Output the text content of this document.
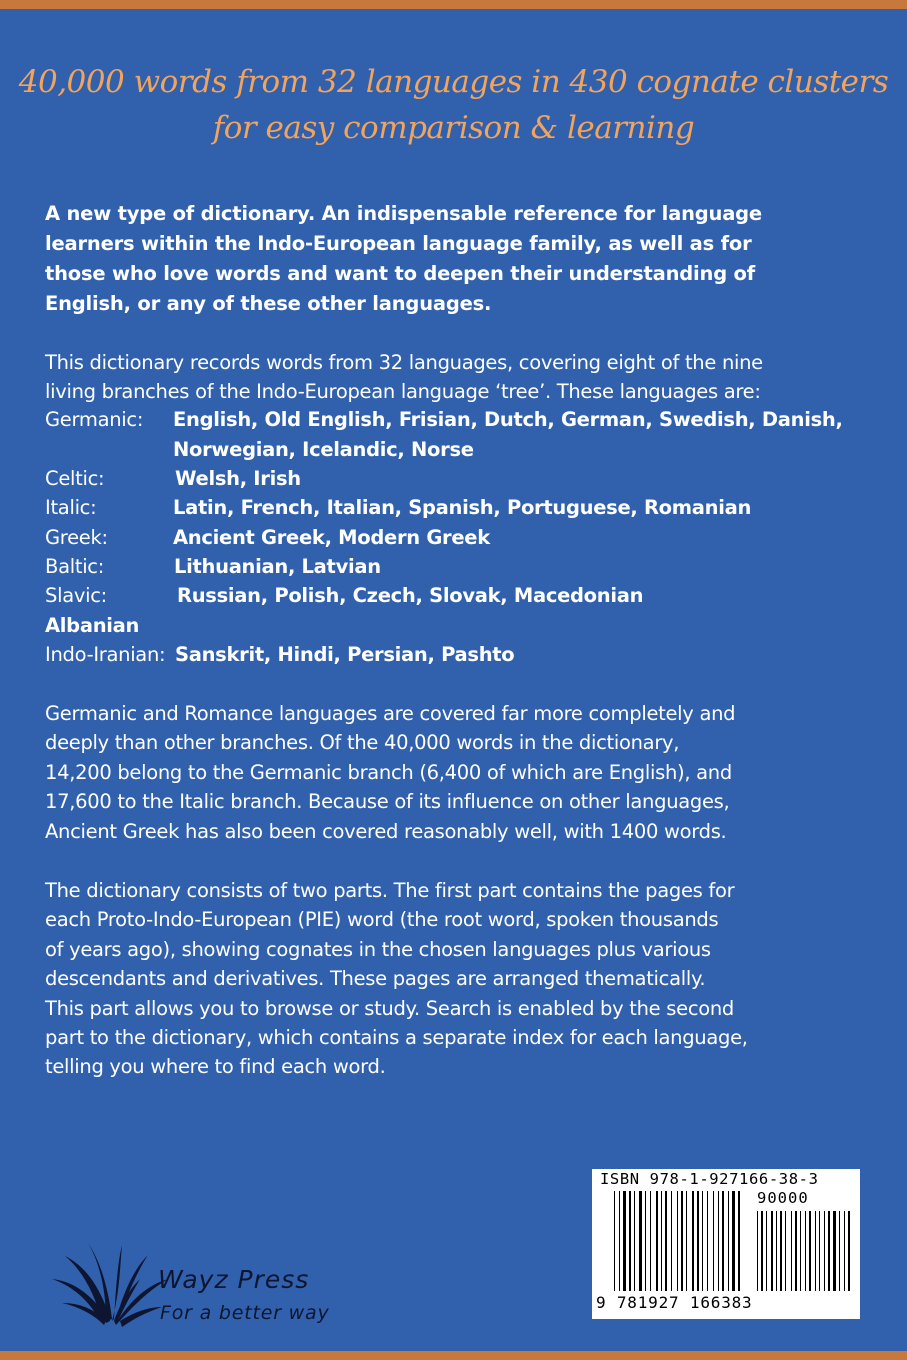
40,000 words from 32 languages in 430 cognate clusters
for easy comparison & learning
A new type of dictionary. An indispensable reference for language learners within the Indo-European language family, as well as for those who love words and want to deepen their understanding of English, or any of these other languages.
This dictionary records words from 32 languages, covering eight of the nine
living branches of the Indo-European language ‘tree’. These languages are:
Germanic: English, Old English, Frisian, Dutch, German, Swedish, Danish,
Norwegian, Icelandic, Norse
Celtic:	Welsh, Irish
Italic:	Latin, French, Italian, Spanish, Portuguese, Romanian
Greek:	Ancient Greek, Modern Greek
Baltic:	Lithuanian, Latvian
Slavic:	Russian, Polish, Czech, Slovak, Macedonian
Albanian
Indo-Iranian: Sanskrit, Hindi, Persian, Pashto
Germanic and Romance languages are covered far more completely and
deeply than other branches. Of the 40,000 words in the dictionary,
14,200 belong to the Germanic branch (6,400 of which are English), and
17,600 to the Italic branch. Because of its influence on other languages,
Ancient Greek has also been covered reasonably well, with 1400 words.
The dictionary consists of two parts. The first part contains the pages for
each Proto-Indo-European (PIE) word (the root word, spoken thousands
of years ago), showing cognates in the chosen languages plus various
descendants and derivatives. These pages are arranged thematically.
This part allows you to browse or study. Search is enabled by the second
part to the dictionary, which contains a separate index for each language,
telling you where to find each word.
Wayz Press
For a better way
ISBN 978-1-927166-38-3
90000
9 781927 166383
